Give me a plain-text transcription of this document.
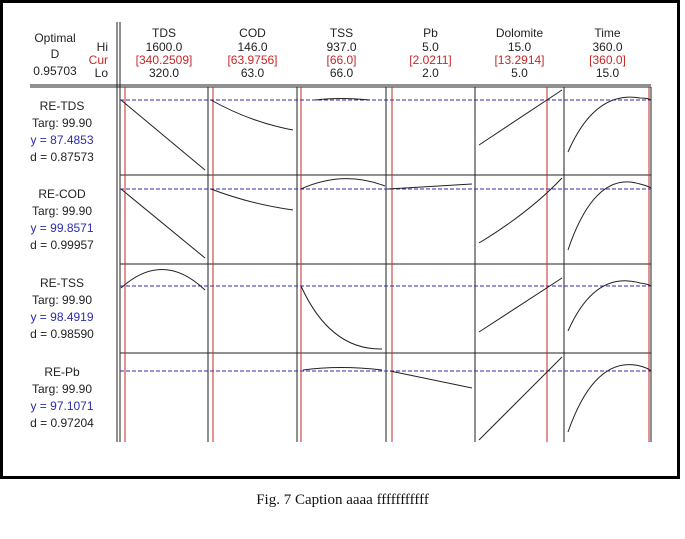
Optimal
D
0.95703
Hi
Cur
Lo
TDS
1600.0
[340.2509]
320.0
COD
146.0
[63.9756]
63.0
TSS
937.0
[66.0]
66.0
Pb
5.0
[2.0211]
2.0
Dolomite
15.0
[13.2914]
5.0
Time
360.0
[360.0]
15.0
RE-TDS
Targ: 99.90
y = 87.4853
d = 0.87573
RE-COD
Targ: 99.90
y = 99.8571
d = 0.99957
RE-TSS
Targ: 99.90
y = 98.4919
d = 0.98590
RE-Pb
Targ: 99.90
y = 97.1071
d = 0.97204
Fig. 7 Caption aaaa fffffffffff
